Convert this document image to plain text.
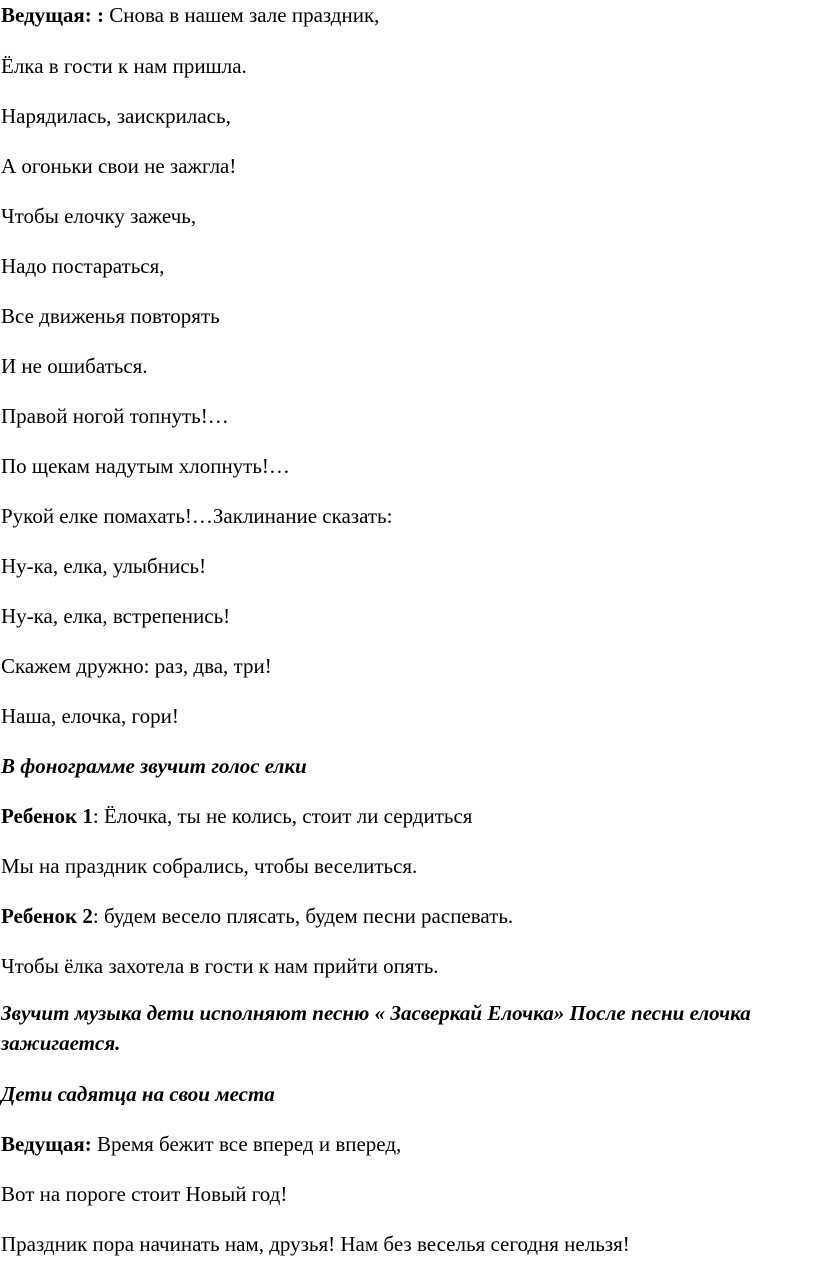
Ведущая: : Снова в нашем зале праздник,
Ёлка в гости к нам пришла.
Нарядилась, заискрилась,
А огоньки свои не зажгла!
Чтобы елочку зажечь,
Надо постараться,
Все движенья повторять
И не ошибаться.
Правой ногой топнуть!…
По щекам надутым хлопнуть!…
Рукой елке помахать!…Заклинание сказать:
Ну-ка, елка, улыбнись!
Ну-ка, елка, встрепенись!
Скажем дружно: раз, два, три!
Наша, елочка, гори!
В фонограмме звучит голос елки
Ребенок 1: Ёлочка, ты не колись, стоит ли сердиться
Мы на праздник собрались, чтобы веселиться.
Ребенок 2: будем весело плясать, будем песни распевать.
Чтобы ёлка захотела в гости к нам прийти опять.
Звучит музыка дети исполняют песню « Засверкай Елочка» После песни елочка зажигается.
Дети садятца на свои места
Ведущая: Время бежит все вперед и вперед,
Вот на пороге стоит Новый год!
Праздник пора начинать нам, друзья! Нам без веселья сегодня нельзя!
